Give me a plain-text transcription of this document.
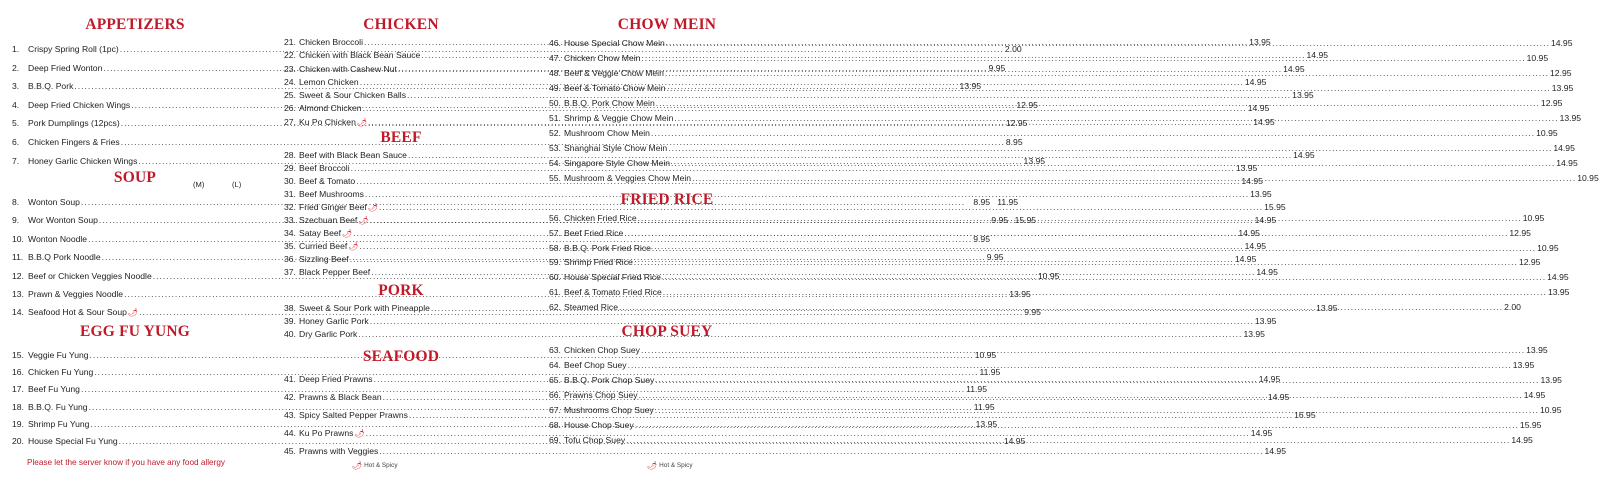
APPETIZERS
1.	Crispy Spring Roll (1pc) .....	2.00
2.	Deep Fried Wonton .....	9.95
3.	B.B.Q. Pork .....	13.95
4.	Deep Fried Chicken Wings .....	12.95
5.	Pork Dumplings (12pcs) .....	12.95
6.	Chicken Fingers & Fries .....	8.95
7.	Honey Garlic Chicken Wings .....	13.95
SOUP	(M)	(L)
8.	Wonton Soup .....	8.95 11.95
9.	Wor Wonton Soup .....	9.95 15.95
10. Wonton Noodle .....	9.95
11. B.B.Q Pork Noodle .....	9.95
12. Beef or Chicken Veggies Noodle .....	10.95
13. Prawn & Veggies Noodle .....	13.95
14. Seafood Hot & Sour Soup 🌶 .....	9.95
EGG FU YUNG
15. Veggie Fu Yung .....	10.95
16. Chicken Fu Yung .....	11.95
17. Beef Fu Yung .....	11.95
18. B.B.Q. Fu Yung .....	11.95
19. Shrimp Fu Yung .....	13.95
20. House Special Fu Yung .....	14.95
Please let the server know if you have any food allergy
CHICKEN
21. Chicken Broccoli .....	13.95
22. Chicken with Black Bean Sauce .....	14.95
23. Chicken with Cashew Nut .....	14.95
24. Lemon Chicken .....	14.95
25. Sweet & Sour Chicken Balls .....	13.95
26. Almond Chicken .....	14.95
27. Ku Po Chicken 🌶 .....	14.95
BEEF
28. Beef with Black Bean Sauce .....	14.95
29. Beef Broccoli .....	13.95
30. Beef & Tomato .....	14.95
31. Beef Mushrooms .....	13.95
32. Fried Ginger Beef 🌶 .....	15.95
33. Szechuan Beef 🌶 .....	14.95
34. Satay Beef 🌶 .....	14.95
35. Curried Beef 🌶 .....	14.95
36. Sizzling Beef .....	14.95
37. Black Pepper Beef .....	14.95
PORK
38. Sweet & Sour Pork with Pineapple .....	13.95
39. Honey Garlic Pork .....	13.95
40. Dry Garlic Pork .....	13.95
SEAFOOD
41. Deep Fried Prawns .....	14.95
42. Prawns & Black Bean .....	14.95
43. Spicy Salted Pepper Prawns .....	16.95
44. Ku Po Prawns 🌶 .....	14.95
45. Prawns with Veggies .....	14.95
🌶 Hot & Spicy
CHOW MEIN
46. House Special Chow Mein .....	14.95
47. Chicken Chow Mein .....	10.95
48. Beef & Veggie Chow Mein .....	12.95
49. Beef & Tomato Chow Mein .....	13.95
50. B.B.Q. Pork Chow Mein .....	12.95
51. Shrimp & Veggie Chow Mein .....	13.95
52. Mushroom Chow Mein .....	10.95
53. Shanghai Style Chow Mein .....	14.95
54. Singapore Style Chow Mein .....	14.95
55. Mushroom & Veggies Chow Mein .....	10.95
FRIED RICE
56. Chicken Fried Rice .....	10.95
57. Beef Fried Rice .....	12.95
58. B.B.Q. Pork Fried Rice .....	10.95
59. Shrimp Fried Rice .....	12.95
60. House Special Fried Rice .....	14.95
61. Beef & Tomato Fried Rice .....	13.95
62. Steamed Rice .....	2.00
CHOP SUEY
63. Chicken Chop Suey .....	13.95
64. Beef Chop Suey .....	13.95
65. B.B.Q. Pork Chop Suey .....	13.95
66. Prawns Chop Suey .....	14.95
67. Mushrooms Chop Suey .....	10.95
68. House Chop Suey .....	15.95
69. Tofu Chop Suey .....	14.95
🌶 Hot & Spicy
